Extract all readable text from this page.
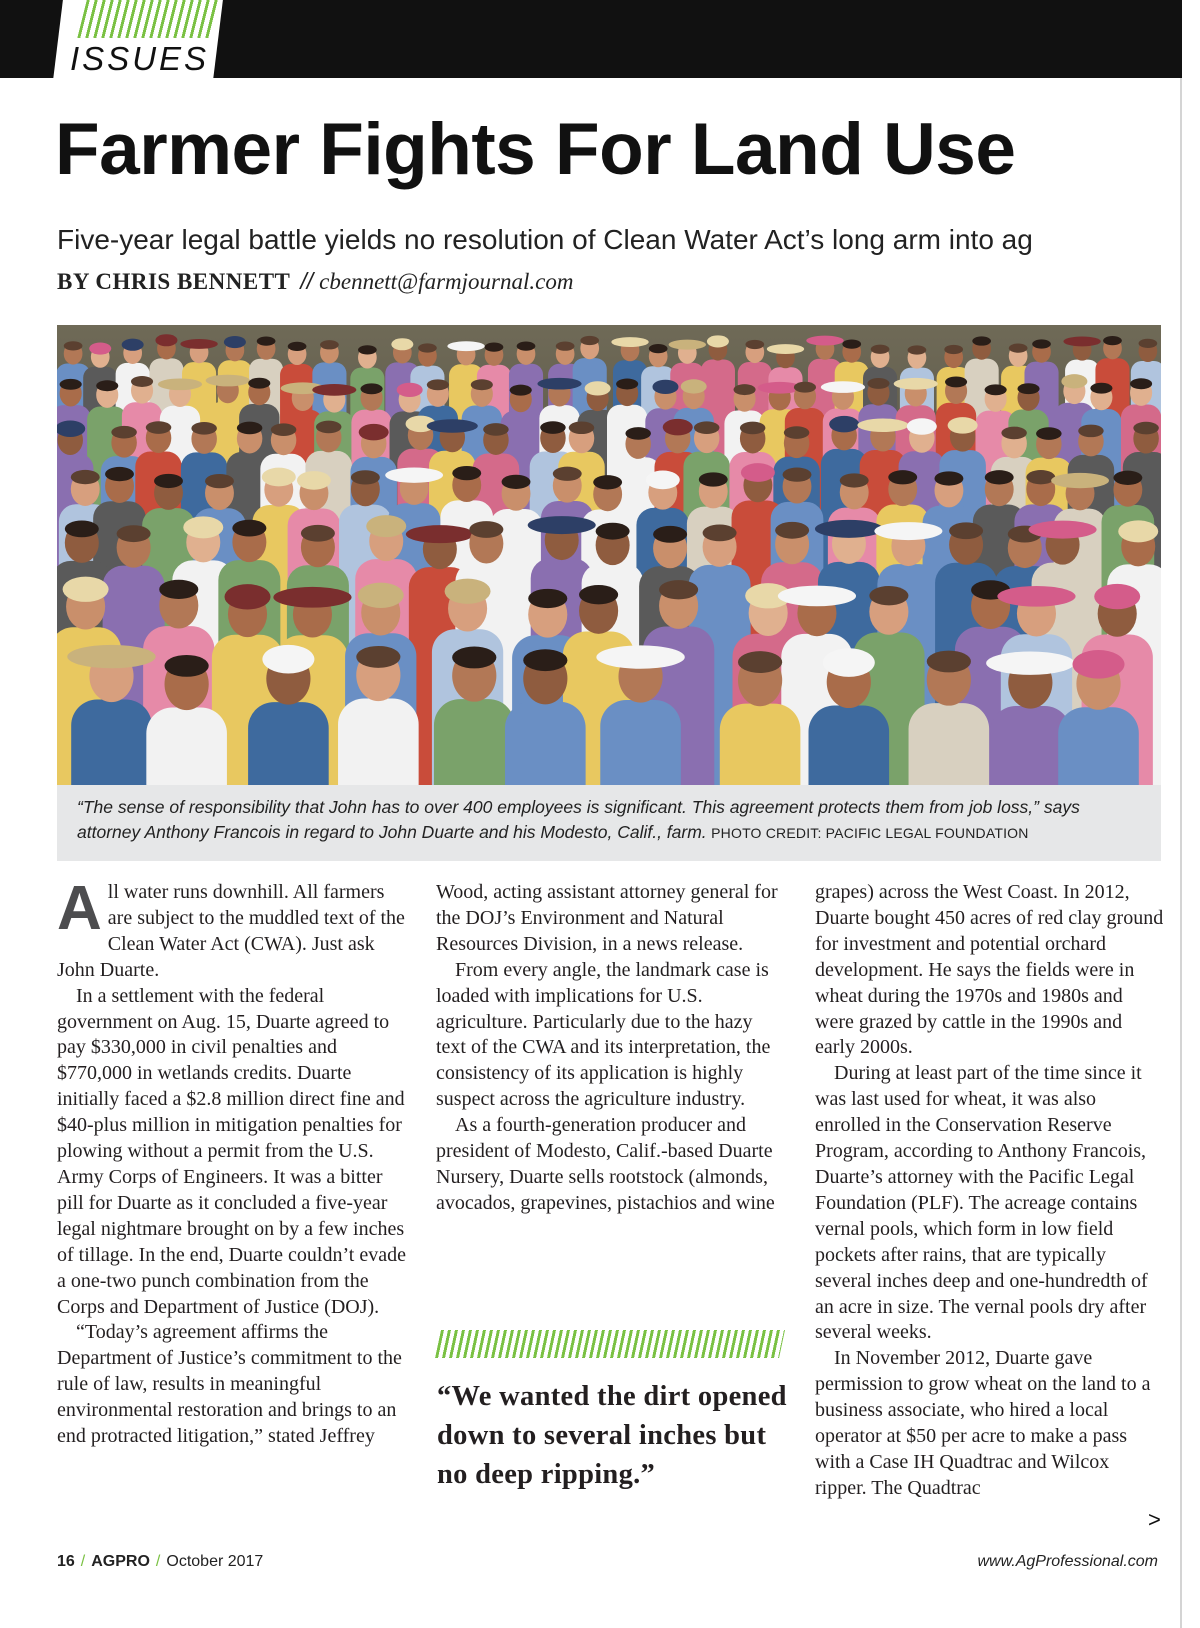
ISSUES
Farmer Fights For Land Use
Five-year legal battle yields no resolution of Clean Water Act’s long arm into ag
BY CHRIS BENNETT // cbennett@farmjournal.com
“The sense of responsibility that John has to over 400 employees is significant. This agreement protects them from job loss,” says attorney Anthony Francois in regard to John Duarte and his Modesto, Calif., farm. PHOTO CREDIT: PACIFIC LEGAL FOUNDATION

All water runs downhill. All farmers are subject to the muddled text of the Clean Water Act (CWA). Just ask John Duarte.

In a settlement with the federal government on Aug. 15, Duarte agreed to pay $330,000 in civil penalties and $770,000 in wetlands credits. Duarte initially faced a $2.8 million direct fine and $40-plus million in mitigation penalties for plowing without a permit from the U.S. Army Corps of Engineers. It was a bitter pill for Duarte as it concluded a five-year legal nightmare brought on by a few inches of tillage. In the end, Duarte couldn’t evade a one-two punch combination from the Corps and Department of Justice (DOJ).

“Today’s agreement affirms the Department of Justice’s commitment to the rule of law, results in meaningful environmental restoration and brings to an end protracted litigation,” stated Jeffrey

Wood, acting assistant attorney general for the DOJ’s Environment and Natural Resources Division, in a news release.

From every angle, the landmark case is loaded with implications for U.S. agriculture. Particularly due to the hazy text of the CWA and its interpretation, the consistency of its application is highly suspect across the agriculture industry.

As a fourth-generation producer and president of Modesto, Calif.-based Duarte Nursery, Duarte sells rootstock (almonds, avocados, grapevines, pistachios and wine

“We wanted the dirt opened down to several inches but no deep ripping.”

grapes) across the West Coast. In 2012, Duarte bought 450 acres of red clay ground for investment and potential orchard development. He says the fields were in wheat during the 1970s and 1980s and were grazed by cattle in the 1990s and early 2000s.

During at least part of the time since it was last used for wheat, it was also enrolled in the Conservation Reserve Program, according to Anthony Francois, Duarte’s attorney with the Pacific Legal Foundation (PLF). The acreage contains vernal pools, which form in low field pockets after rains, that are typically several inches deep and one-hundredth of an acre in size. The vernal pools dry after several weeks.

In November 2012, Duarte gave permission to grow wheat on the land to a business associate, who hired a local operator at $50 per acre to make a pass with a Case IH Quadtrac and Wilcox ripper. The Quadtrac

>
16 / AGPRO / October 2017	www.AgProfessional.com
